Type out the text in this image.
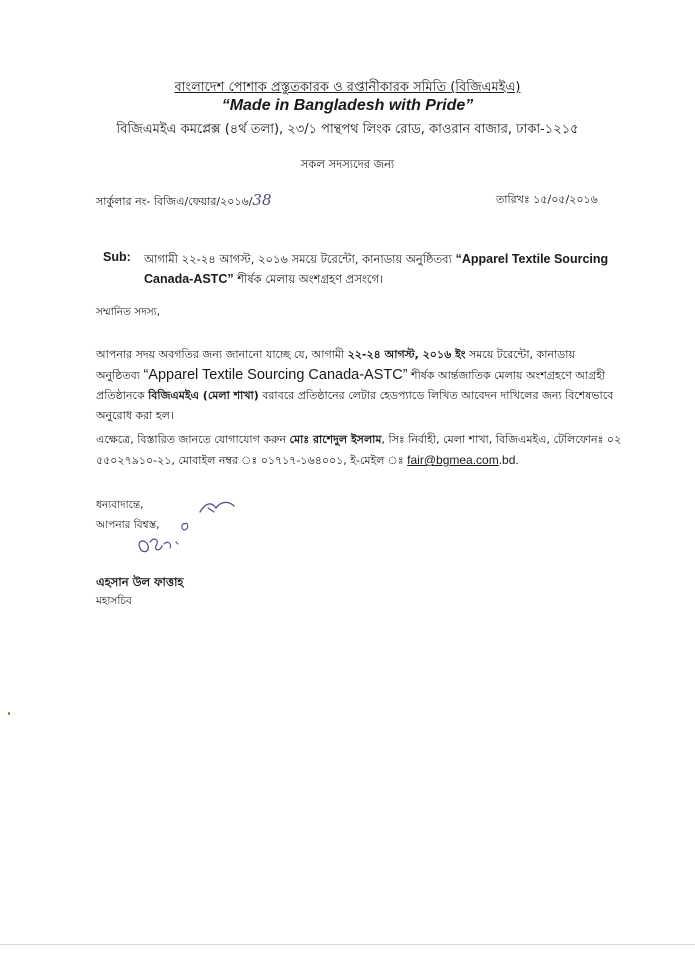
বাংলাদেশ পোশাক প্রস্তুতকারক ও রপ্তানীকারক সমিতি (বিজিএমইএ)
“Made in Bangladesh with Pride”
বিজিএমইএ কমপ্লেক্স (৪র্থ তলা), ২৩/১ পান্থপথ লিংক রোড, কাওরান বাজার, ঢাকা-১২১৫
সকল সদস্যদের জন্য
সার্কুলার নং- বিজিএ/ফেয়ার/২০১৬/38	তারিখঃ ১৫/০৫/২০১৬
Sub: আগামী ২২-২৪ আগস্ট, ২০১৬ সময়ে টরেন্টো, কানাডায় অনুষ্ঠিতব্য “Apparel Textile Sourcing Canada-ASTC” শীর্ষক মেলায় অংশগ্রহণ প্রসংগে।
সম্মানিত সদস্য,
আপনার সদয় অবগতির জন্য জানানো যাচ্ছে যে, আগামী ২২-২৪ আগস্ট, ২০১৬ ইং সময়ে টরেন্টো, কানাডায় অনুষ্ঠিতব্য “Apparel Textile Sourcing Canada-ASTC” শীর্ষক আর্ন্তজাতিক মেলায় অংশগ্রহণে আগ্রহী প্রতিষ্ঠানকে বিজিএমইএ (মেলা শাখা) বরাবরে প্রতিষ্ঠানের লেটার হেডপ্যাডে লিখিত আবেদন দাখিলের জন্য বিশেষভাবে অনুরোধ করা হল।
এক্ষেত্রে, বিস্তারিত জানতে যোগাযোগ করুন মোঃ রাশেদুল ইসলাম, সিঃ নির্বাহী, মেলা শাখা, বিজিএমইএ, টেলিফোনঃ ০২ ৫৫০২৭৯১০-২১, মোবাইল নম্বর ঃ ০১৭১৭-১৬৪০০১, ই-মেইল ঃ fair@bgmea.com.bd.
ধন্যবাদান্তে,
আপনার বিশ্বস্ত,
এহসান উল ফাত্তাহ
মহাসচিব
